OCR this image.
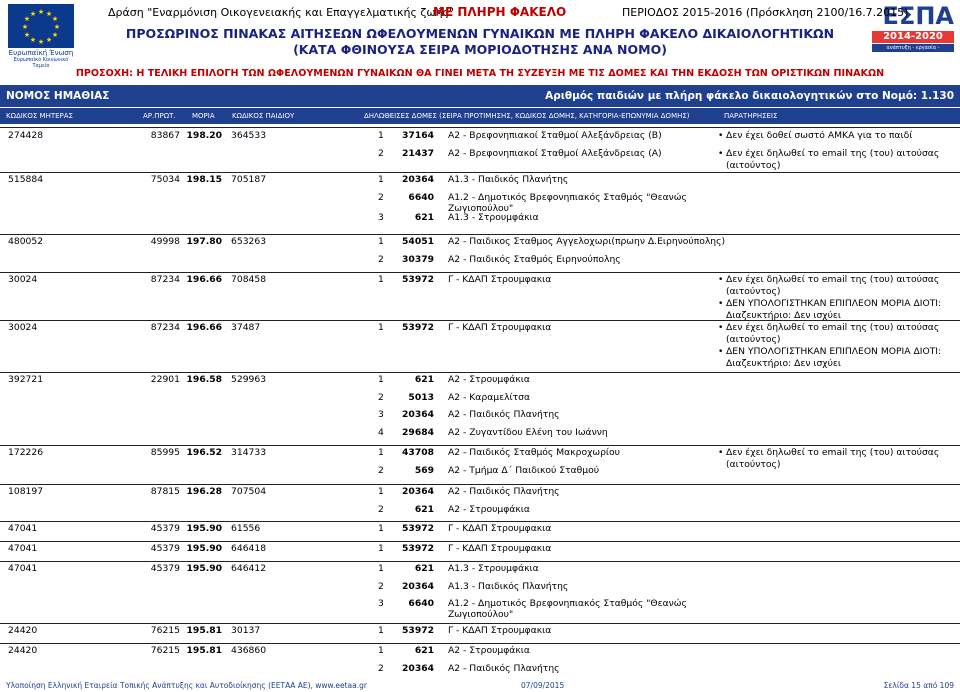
★ ★
★
★
★
★
★
★
★
★
★
★
Ευρωπαϊκή Ένωση
Ευρωπαϊκό Κοινωνικό Ταμείο
ΕΣΠΑ
2014-2020
ανάπτυξη - εργασία - αλληλεγγύη
Δράση "Εναρμόνιση Οικογενειακής και Επαγγελματικής ζωής"
ΜΕ ΠΛΗΡΗ ΦΑΚΕΛΟ	ΠΕΡΙΟΔΟΣ 2015-2016 (Πρόσκληση 2100/16.7.2015)
ΠΡΟΣΩΡΙΝΟΣ ΠΙΝΑΚΑΣ ΑΙΤΗΣΕΩΝ ΩΦΕΛΟΥΜΕΝΩΝ ΓΥΝΑΙΚΩΝ ΜΕ ΠΛΗΡΗ ΦΑΚΕΛΟ ΔΙΚΑΙΟΛΟΓΗΤΙΚΩΝ
(ΚΑΤΑ ΦΘΙΝΟΥΣΑ ΣΕΙΡΑ ΜΟΡΙΟΔΟΤΗΣΗΣ ΑΝΑ ΝΟΜΟ)
ΠΡΟΣΟΧΗ: Η ΤΕΛΙΚΗ ΕΠΙΛΟΓΗ ΤΩΝ ΩΦΕΛΟΥΜΕΝΩΝ ΓΥΝΑΙΚΩΝ ΘΑ ΓΙΝΕΙ ΜΕΤΑ ΤΗ ΣΥΖΕΥΞΗ ΜΕ ΤΙΣ ΔΟΜΕΣ ΚΑΙ ΤΗΝ ΕΚΔΟΣΗ ΤΩΝ ΟΡΙΣΤΙΚΩΝ ΠΙΝΑΚΩΝ
ΝΟΜΟΣ ΗΜΑΘΙΑΣ	Αριθμός παιδιών με πλήρη φάκελο δικαιολογητικών στο Νομό: 1.130
ΚΩΔΙΚΟΣ ΜΗΤΕΡΑΣ	ΑΡ.ΠΡΩΤ. ΜΟΡΙΑ ΚΩΔΙΚΟΣ ΠΑΙΔΙΟΥ	ΔΗΛΩΘΕΙΣΕΣ ΔΟΜΕΣ (ΣΕΙΡΑ ΠΡΟΤΙΜΗΣΗΣ, ΚΩΔΙΚΟΣ ΔΟΜΗΣ, ΚΑΤΗΓΟΡΙΑ-ΕΠΩΝΥΜΙΑ ΔΟΜΗΣ)	ΠΑΡΑΤΗΡΗΣΕΙΣ
274428	83867 198.20 364533	1	37164 Α2 - Βρεφονηπιακοί Σταθμοί Αλεξάνδρειας (Β)
2	21437 Α2 - Βρεφονηπιακοί Σταθμοί Αλεξάνδρειας (Α)
• Δεν έχει δοθεί σωστό ΑΜΚΑ για το παιδί
• Δεν έχει δηλωθεί το email της (του) αιτούσας
(αιτούντος)
515884	75034 198.15 705187	1	20364 Α1.3 - Παιδικός Πλανήτης
2	6640 Α1.2 - Δημοτικός Βρεφονηπιακός Σταθμός "Θεανώς
Ζωγιοπούλου"
3	621 Α1.3 - Στρουμφάκια
480052	49998 197.80 653263	1	54051 Α2 - Παιδικος Σταθμος Αγγελοχωρι(πρωην Δ.Ειρηνούπολης)
2	30379 Α2 - Παιδικός Σταθμός Ειρηνούπολης
30024	87234 196.66 708458	1	53972 Γ - ΚΔΑΠ Στρουμφακια	• Δεν έχει δηλωθεί το email της (του) αιτούσας
(αιτούντος)
• ΔΕΝ ΥΠΟΛΟΓΙΣΤΗΚΑΝ ΕΠΙΠΛΕΟΝ ΜΟΡΙΑ ΔΙΟΤΙ:
Διαζευκτήριο: Δεν ισχύει
30024	87234 196.66 37487	1	53972 Γ - ΚΔΑΠ Στρουμφακια	• Δεν έχει δηλωθεί το email της (του) αιτούσας
(αιτούντος)
• ΔΕΝ ΥΠΟΛΟΓΙΣΤΗΚΑΝ ΕΠΙΠΛΕΟΝ ΜΟΡΙΑ ΔΙΟΤΙ:
Διαζευκτήριο: Δεν ισχύει
392721	22901 196.58 529963	1	621 Α2 - Στρουμφάκια
2	5013 Α2 - Καραμελίτσα
3	20364 Α2 - Παιδικός Πλανήτης
4	29684 Α2 - Ζυγαντίδου Ελένη του Ιωάννη
172226	85995 196.52 314733	1	43708 Α2 - Παιδικός Σταθμός Μακροχωρίου
2	569 Α2 - Τμήμα Δ΄ Παιδικού Σταθμού
• Δεν έχει δηλωθεί το email της (του) αιτούσας
(αιτούντος)
108197	87815 196.28 707504	1	20364 Α2 - Παιδικός Πλανήτης
2	621 Α2 - Στρουμφάκια
47041	45379 195.90 61556	1	53972 Γ - ΚΔΑΠ Στρουμφακια
47041	45379 195.90 646418	1	53972 Γ - ΚΔΑΠ Στρουμφακια
47041	45379 195.90 646412	1	621 Α1.3 - Στρουμφάκια
2	20364 Α1.3 - Παιδικός Πλανήτης
3	6640 Α1.2 - Δημοτικός Βρεφονηπιακός Σταθμός "Θεανώς
Ζωγιοπούλου"
24420	76215 195.81 30137	1	53972 Γ - ΚΔΑΠ Στρουμφακια
24420	76215 195.81 436860	1	621 Α2 - Στρουμφάκια
2	20364 Α2 - Παιδικός Πλανήτης
Υλοποίηση Ελληνική Εταιρεία Τοπικής Ανάπτυξης και Αυτοδιοίκησης (ΕΕΤΑΑ ΑΕ), www.eetaa.gr	07/09/2015	Σελίδα 15 από 109
